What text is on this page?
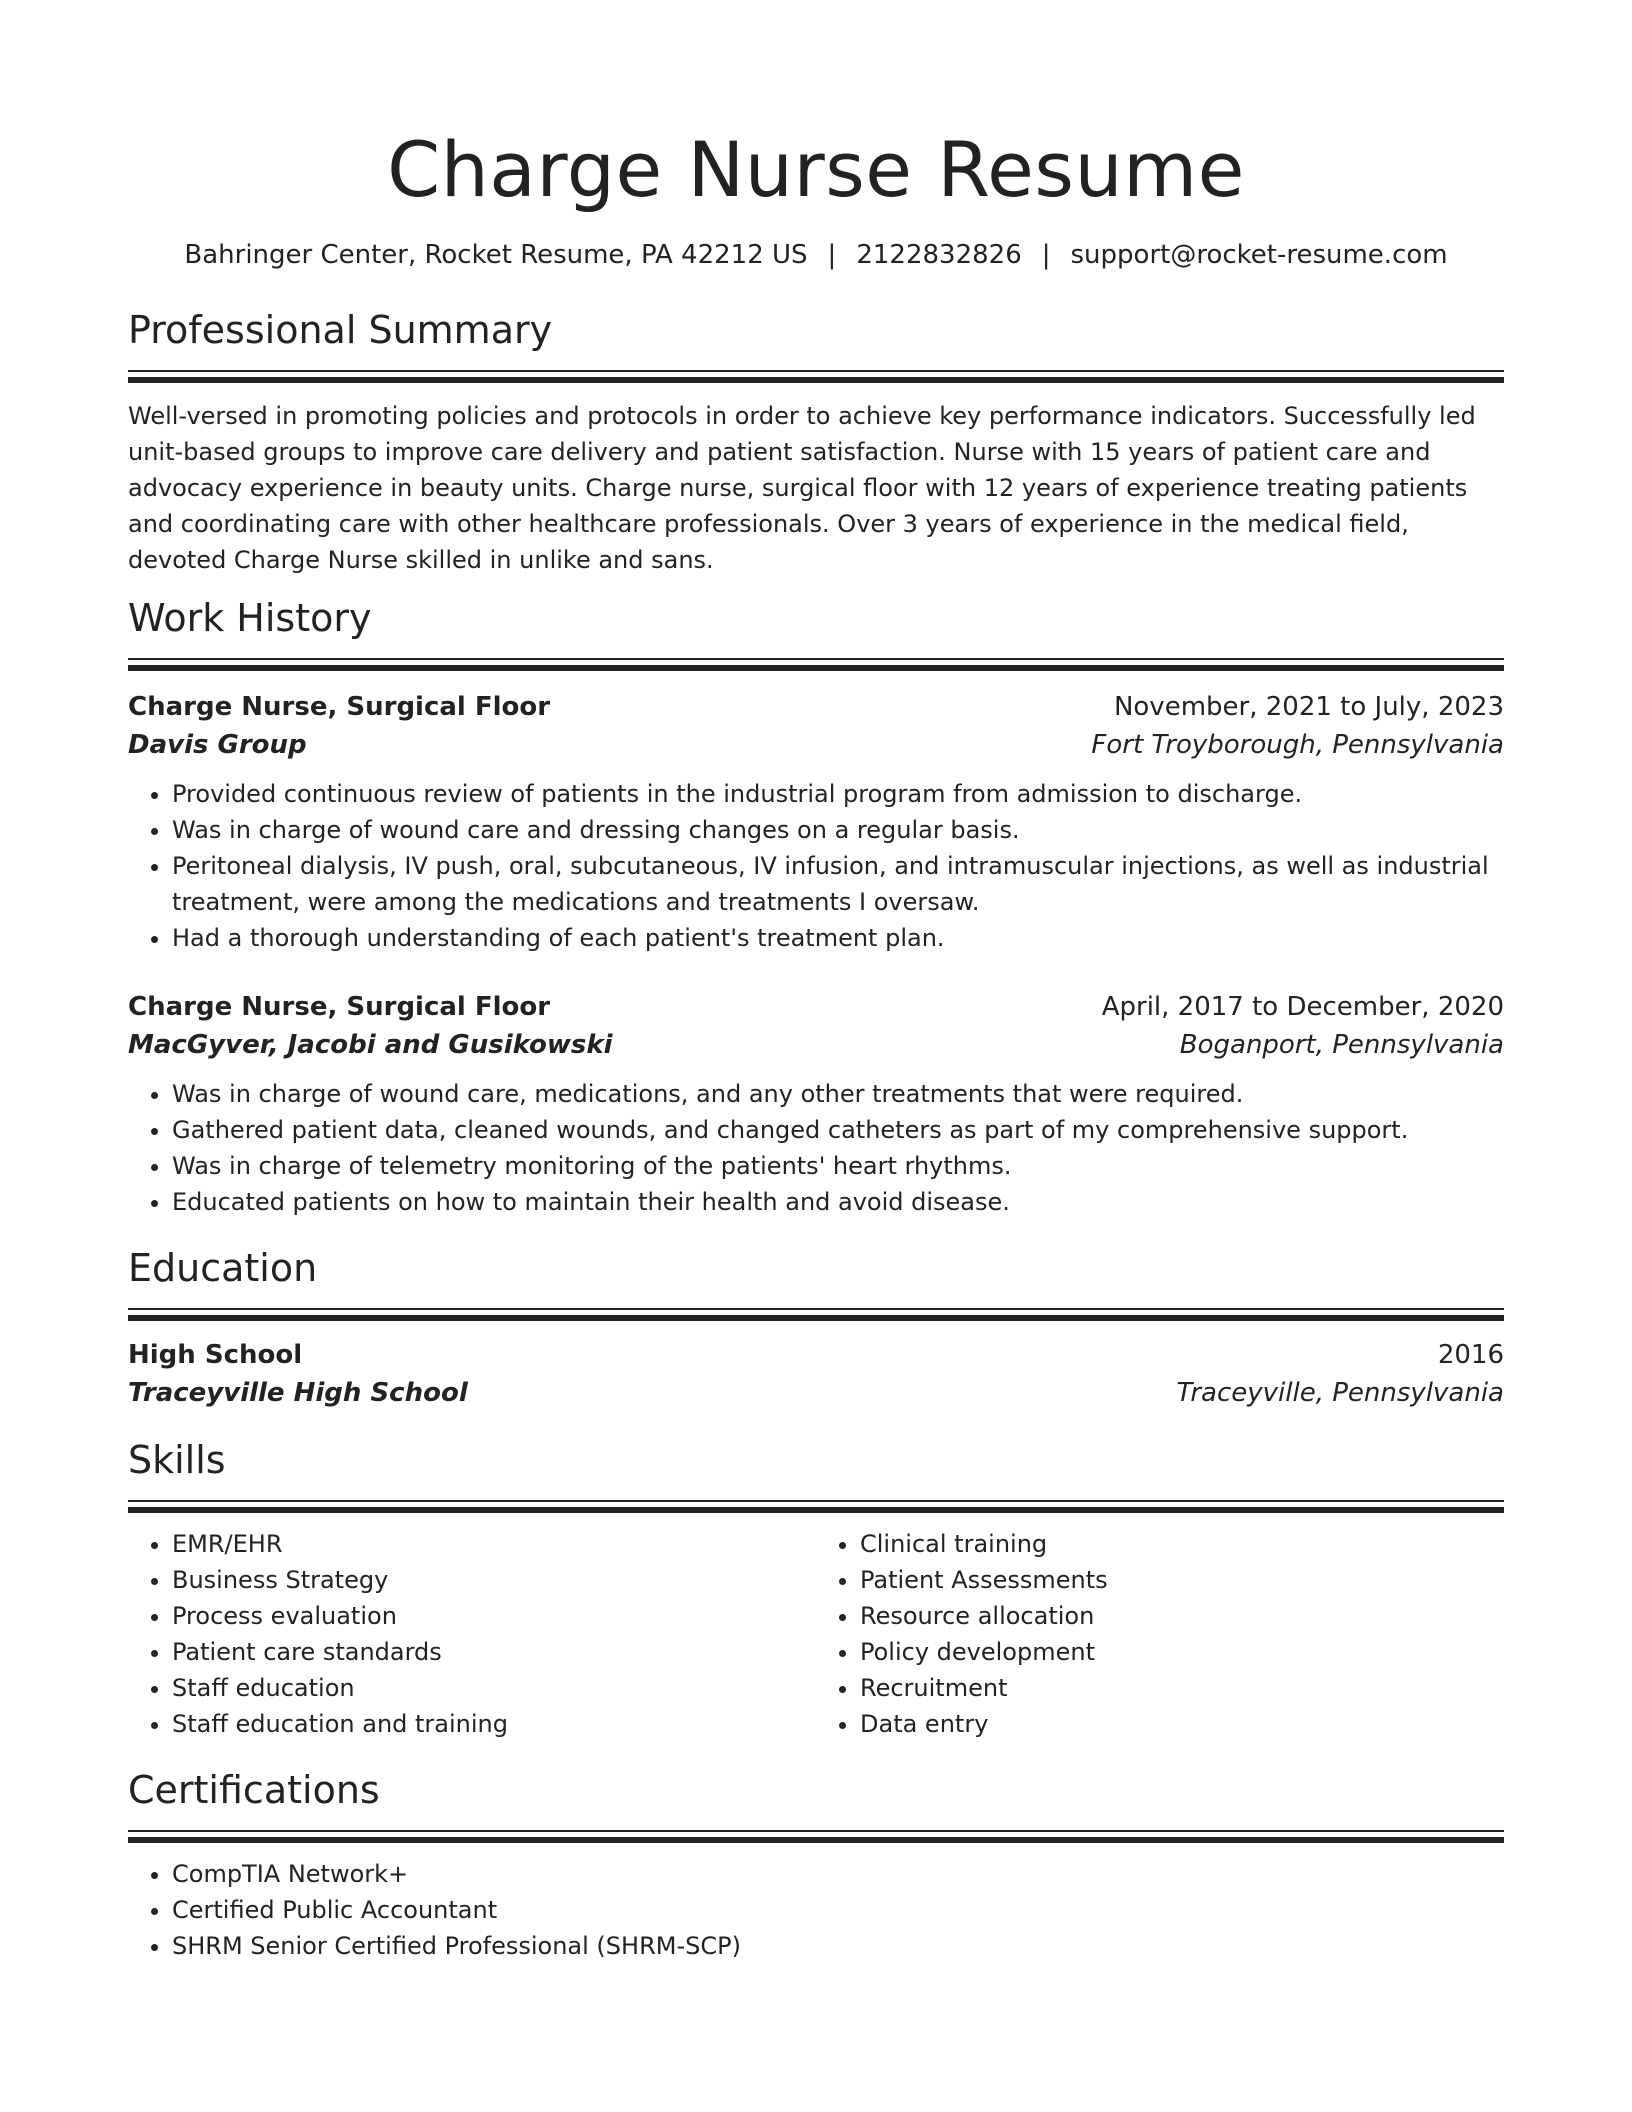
Charge Nurse Resume
Bahringer Center, Rocket Resume, PA 42212 US | 2122832826 | support@rocket-resume.com
Professional Summary

Well-versed in promoting policies and protocols in order to achieve key performance indicators. Successfully led unit-based groups to improve care delivery and patient satisfaction. Nurse with 15 years of patient care and advocacy experience in beauty units. Charge nurse, surgical floor with 12 years of experience treating patients and coordinating care with other healthcare professionals. Over 3 years of experience in the medical field, devoted Charge Nurse skilled in unlike and sans.

Work History
Charge Nurse, Surgical Floor	November, 2021 to July, 2023
Davis Group	Fort Troyborough, Pennsylvania
• Provided continuous review of patients in the industrial program from admission to discharge.
• Was in charge of wound care and dressing changes on a regular basis.
• Peritoneal dialysis, IV push, oral, subcutaneous, IV infusion, and intramuscular injections, as well as industrial treatment, were among the medications and treatments I oversaw.
• Had a thorough understanding of each patient's treatment plan.
Charge Nurse, Surgical Floor	April, 2017 to December, 2020
MacGyver, Jacobi and Gusikowski	Boganport, Pennsylvania
• Was in charge of wound care, medications, and any other treatments that were required.
• Gathered patient data, cleaned wounds, and changed catheters as part of my comprehensive support.
• Was in charge of telemetry monitoring of the patients' heart rhythms.
• Educated patients on how to maintain their health and avoid disease.
Education
High School	2016
Traceyville High School	Traceyville, Pennsylvania
Skills
• EMR/EHR
• Business Strategy
• Process evaluation
• Patient care standards
• Staff education
• Staff education and training
• Clinical training
• Patient Assessments
• Resource allocation
• Policy development
• Recruitment
• Data entry
Certifications
• CompTIA Network+
• Certified Public Accountant
• SHRM Senior Certified Professional (SHRM-SCP)
